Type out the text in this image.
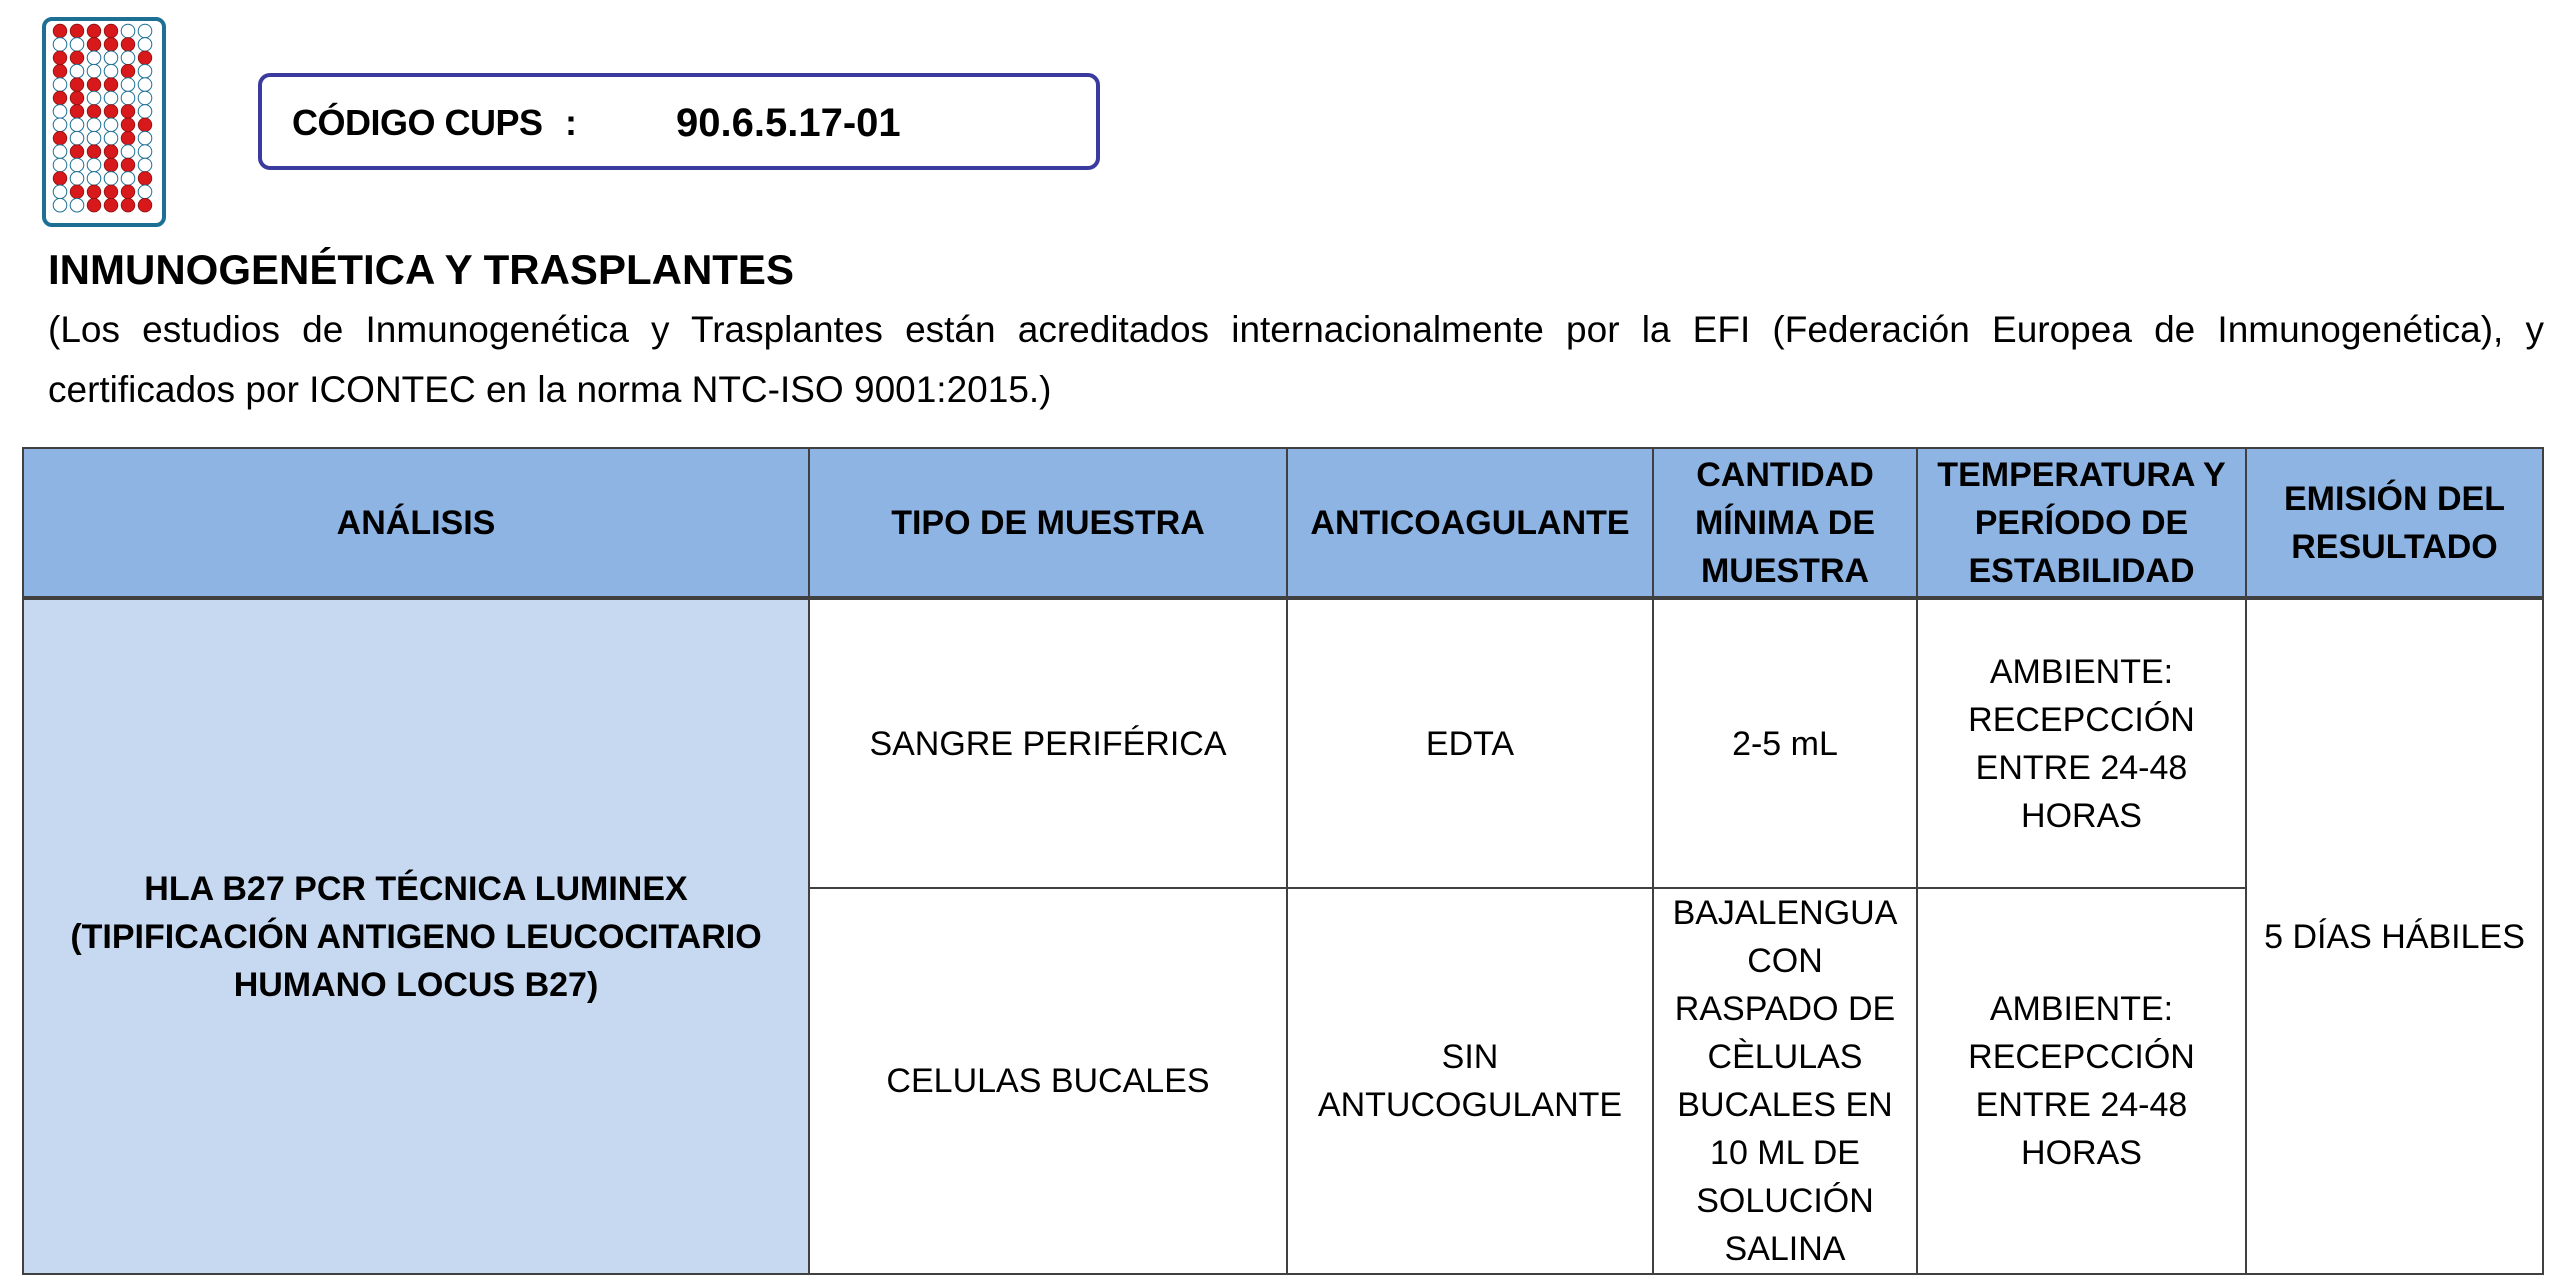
CÓDIGO CUPS : 90.6.5.17-01
INMUNOGENÉTICA Y TRASPLANTES
(Los estudios de Inmunogenética y Trasplantes están acreditados internacionalmente por la EFI (Federación Europea de Inmunogenética), y certificados por ICONTEC en la norma NTC-ISO 9001:2015.)
ANÁLISIS	TIPO DE MUESTRA	ANTICOAGULANTE	CANTIDAD MÍNIMA DE MUESTRA	TEMPERATURA Y PERÍODO DE ESTABILIDAD	EMISIÓN DEL RESULTADO
HLA B27 PCR TÉCNICA LUMINEX (TIPIFICACIÓN ANTIGENO LEUCOCITARIO HUMANO LOCUS B27)	SANGRE PERIFÉRICA	EDTA	2-5 mL	AMBIENTE: RECEPCCIÓN ENTRE 24-48 HORAS	5 DÍAS HÁBILES
	CELULAS BUCALES	SIN ANTUCOGULANTE	BAJALENGUA CON RASPADO DE CÈLULAS BUCALES EN 10 ML DE SOLUCIÓN SALINA	AMBIENTE: RECEPCCIÓN ENTRE 24-48 HORAS	
